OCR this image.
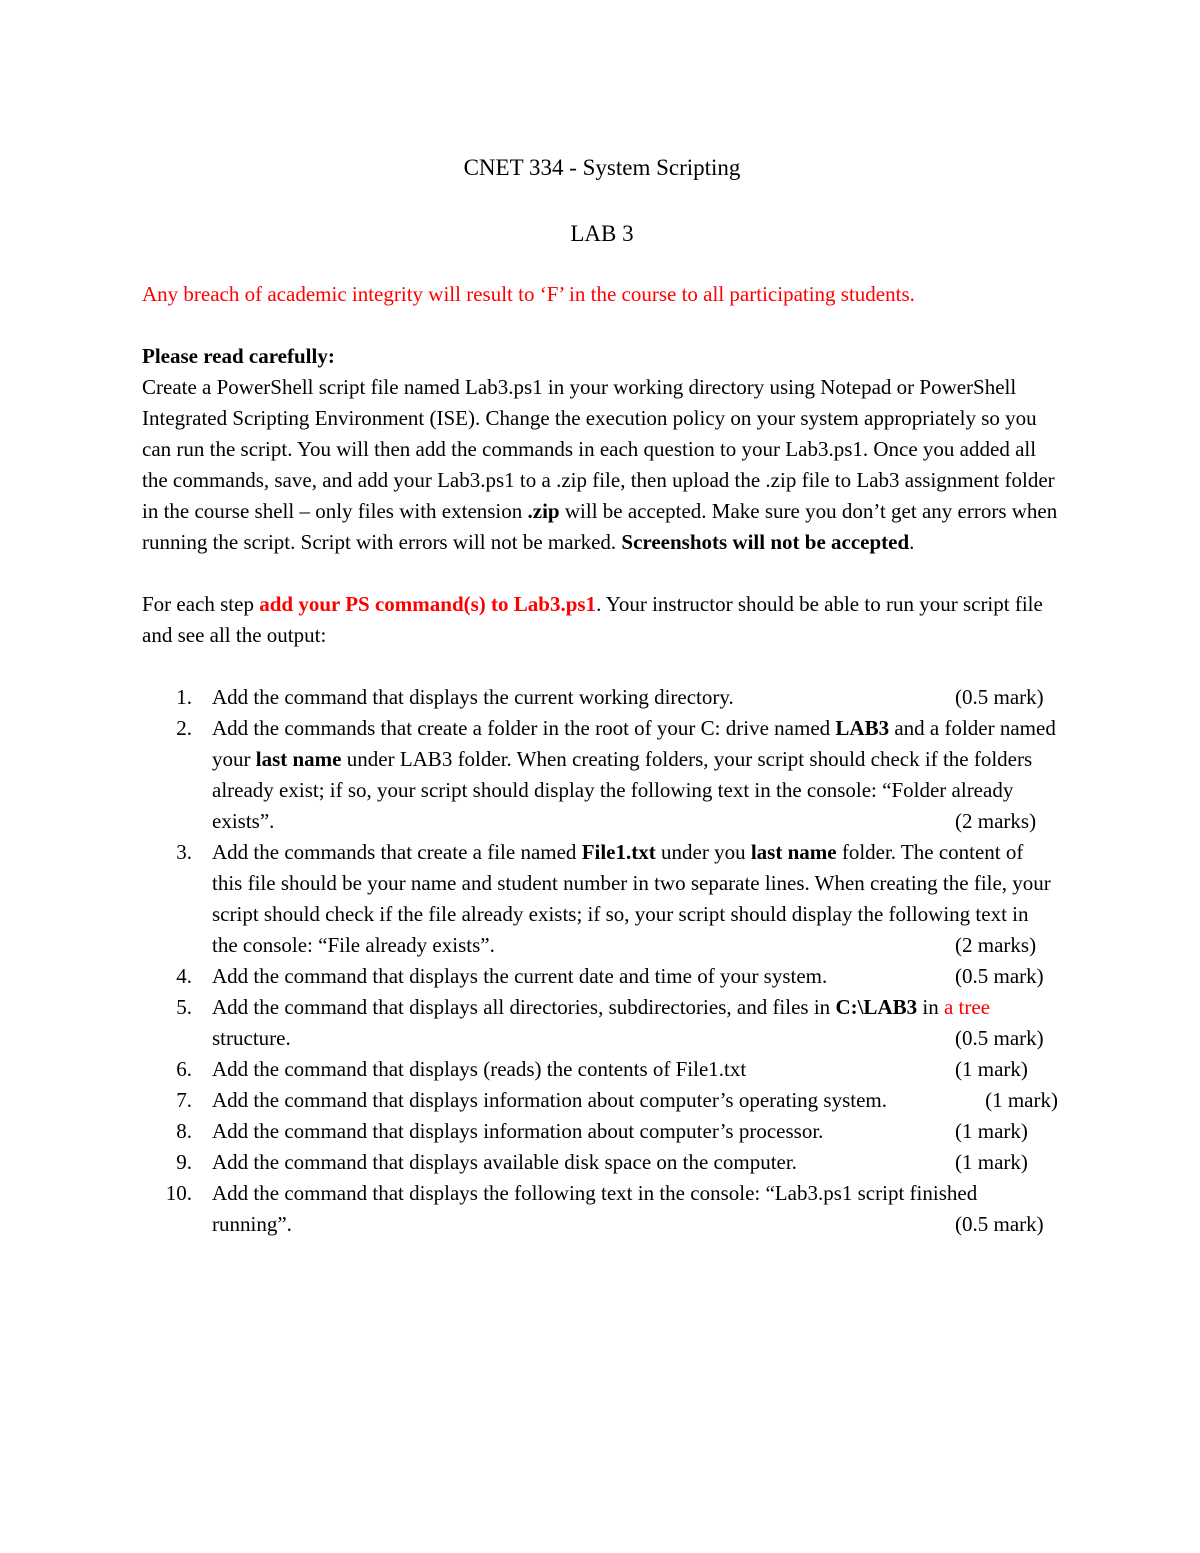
CNET 334 - System Scripting

LAB 3

Any breach of academic integrity will result to ‘F’ in the course to all participating students.

Please read carefully:

Create a PowerShell script file named Lab3.ps1 in your working directory using Notepad or PowerShell Integrated Scripting Environment (ISE). Change the execution policy on your system appropriately so you can run the script. You will then add the commands in each question to your Lab3.ps1. Once you added all the commands, save, and add your Lab3.ps1 to a .zip file, then upload the .zip file to Lab3 assignment folder in the course shell – only files with extension .zip will be accepted. Make sure you don’t get any errors when running the script. Script with errors will not be marked. Screenshots will not be accepted.

For each step add your PS command(s) to Lab3.ps1. Your instructor should be able to run your script file and see all the output:

1.	(0.5 mark)
Add the command that displays the current working directory.
2. Add the commands that create a folder in the root of your C: drive named LAB3 and a folder named your last name under LAB3 folder. When creating folders, your script should check if the folders already exist; if so, your script should display the following text in the console: “Folder already exists”.	(2 marks)
3. Add the commands that create a file named File1.txt under you last name folder. The content of this file should be your name and student number in two separate lines. When creating the file, your script should check if the file already exists; if so, your script should display the following text in the console: “File already exists”.	(2 marks)
4.	(0.5 mark)
Add the command that displays the current date and time of your system.
5. Add the command that displays all directories, subdirectories, and files in C:\LAB3 in a tree structure.	(0.5 mark)
6.	(1 mark)
Add the command that displays (reads) the contents of File1.txt
7.	(1 mark)
Add the command that displays information about computer’s operating system.
8.	(1 mark)
Add the command that displays information about computer’s processor.
9.	(1 mark)
Add the command that displays available disk space on the computer.
10. Add the command that displays the following text in the console: “Lab3.ps1 script finished running”.	(0.5 mark)
